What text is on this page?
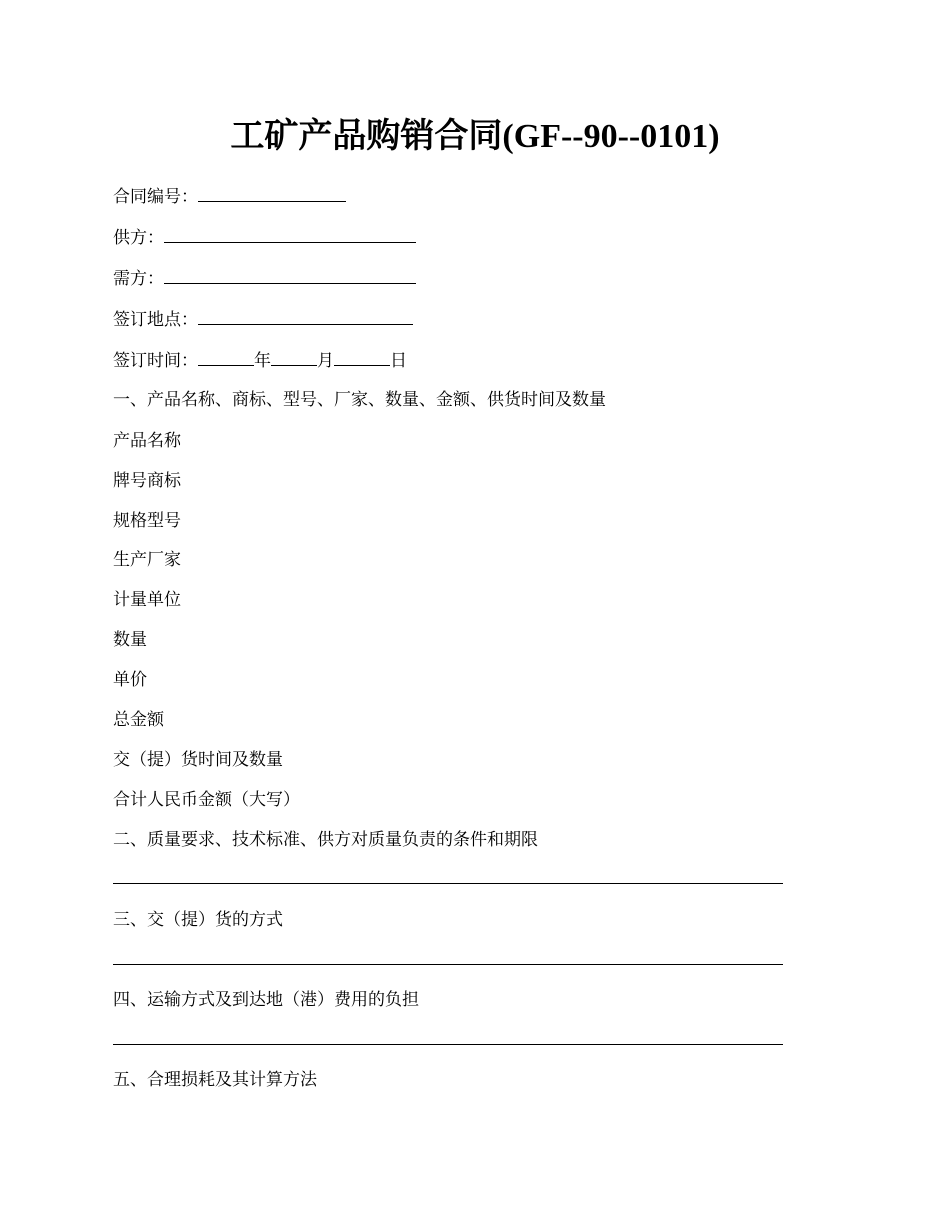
工矿产品购销合同(GF--90--0101)
合同编号：
供方：
需方：
签订地点：
签订时间：	年	月	日
一、产品名称、商标、型号、厂家、数量、金额、供货时间及数量
产品名称
牌号商标
规格型号
生产厂家
计量单位
数量
单价
总金额
交（提）货时间及数量
合计人民币金额（大写）
二、质量要求、技术标准、供方对质量负责的条件和期限
三、交（提）货的方式
四、运输方式及到达地（港）费用的负担
五、合理损耗及其计算方法
